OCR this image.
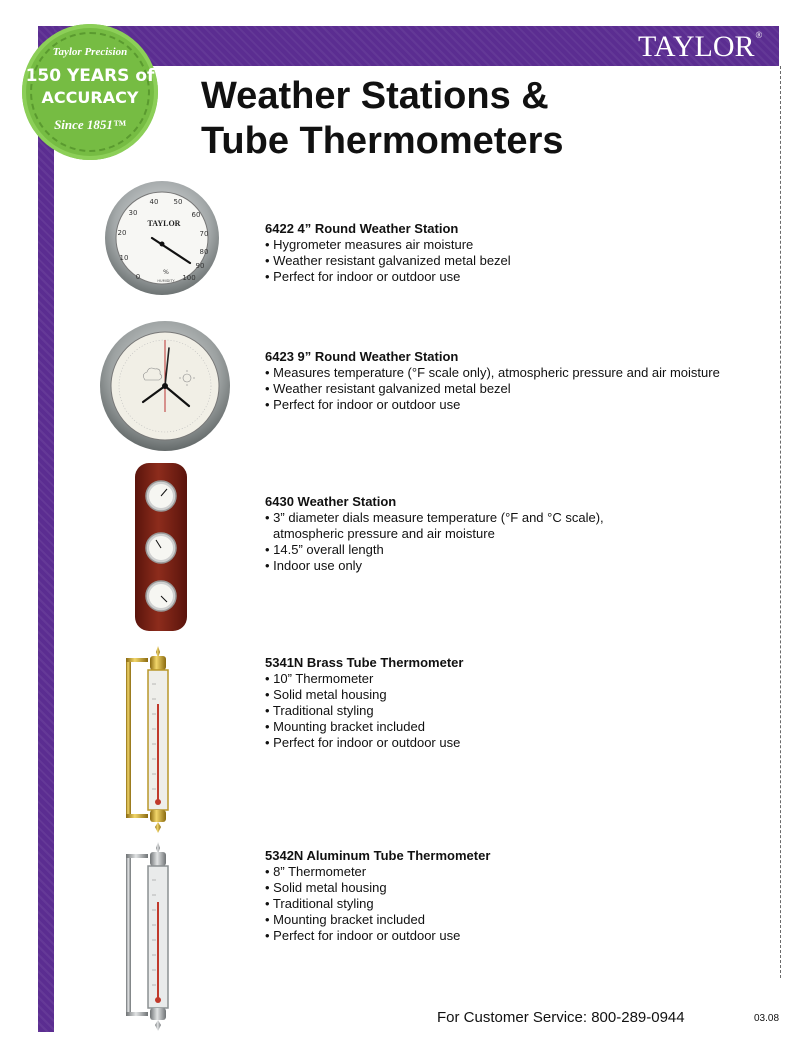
TAYLOR®
Taylor Precision
150 YEARS of
ACCURACY
Since 1851™
Weather Stations &
Tube Thermometers
0
10
20
30
40 50
60
70
80
90
100
TAYLOR
%
HUMIDITY
6422 4” Round Weather Station
• Hygrometer measures air moisture
• Weather resistant galvanized metal bezel
• Perfect for indoor or outdoor use
6423 9” Round Weather Station
• Measures temperature (°F scale only), atmospheric pressure and air moisture
• Weather resistant galvanized metal bezel
• Perfect for indoor or outdoor use
6430 Weather Station
• 3” diameter dials measure temperature (°F and °C scale),
atmospheric pressure and air moisture
• 14.5” overall length
• Indoor use only
5341N Brass Tube Thermometer
• 10” Thermometer
• Solid metal housing
• Traditional styling
• Mounting bracket included
• Perfect for indoor or outdoor use
5342N Aluminum Tube Thermometer
• 8” Thermometer
• Solid metal housing
• Traditional styling
• Mounting bracket included
• Perfect for indoor or outdoor use
For Customer Service: 800-289-0944	03.08
